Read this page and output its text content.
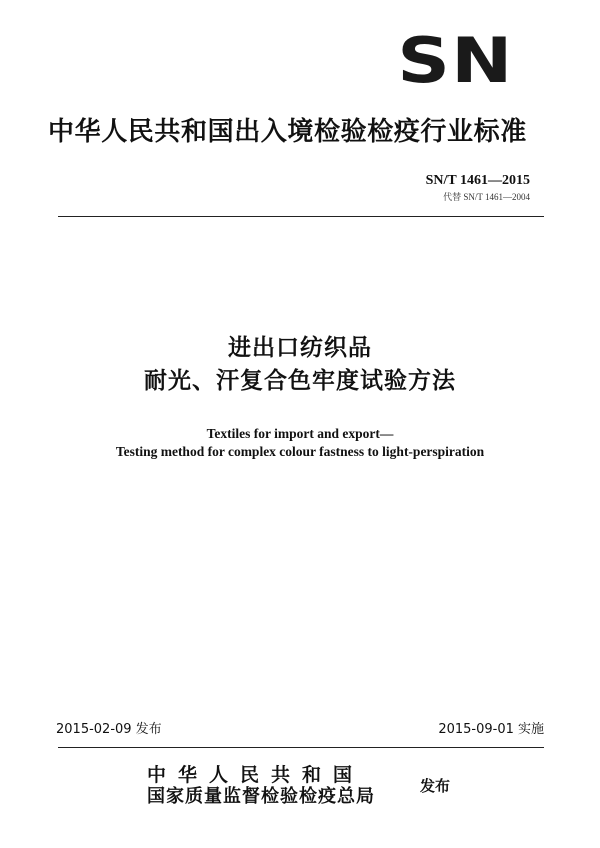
SN
中华人民共和国出入境检验检疫行业标准
SN/T 1461—2015
代替 SN/T 1461—2004
进出口纺织品
耐光、汗复合色牢度试验方法
Textiles for import and export—
Testing method for complex colour fastness to light-perspiration
2015-02-09 发布	2015-09-01 实施
中华人民共和国
国家质量监督检验检疫总局	发布
